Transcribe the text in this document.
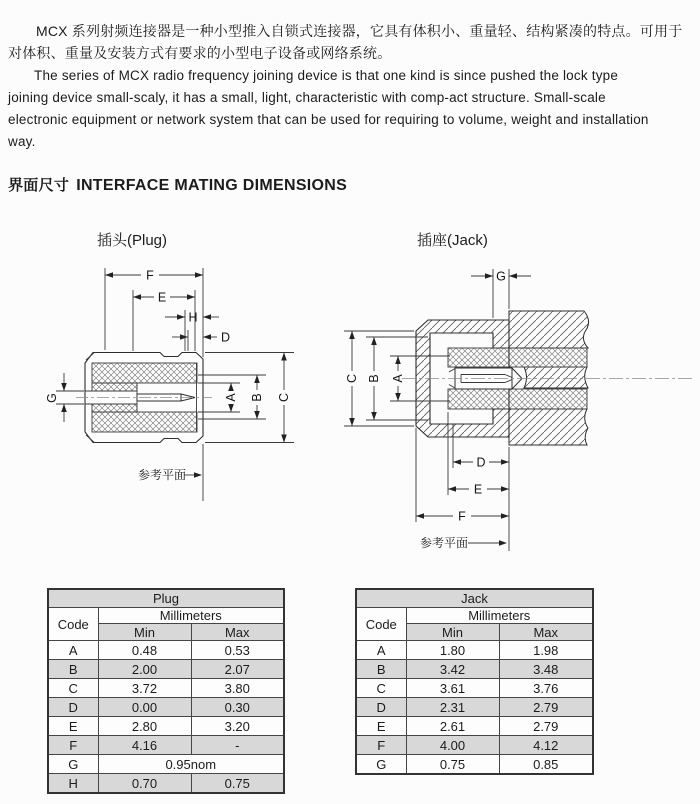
MCX 系列射频连接器是一种小型推入自锁式连接器，它具有体积小、重量轻、结构紧凑的特点。可用于对体积、重量及安装方式有要求的小型电子设备或网络系统。

The series of MCX radio frequency joining device is that one kind is since pushed the lock type joining device small-scaly, it has a small, light, characteristic with comp-act structure. Small-scale electronic equipment or network system that can be used for requiring to volume, weight and installation way.

界面尺寸 INTERFACE MATING DIMENSIONS
插头(Plug)	插座(Jack)
F
E
H
D
G	A B C
参考平面
G
C B A
D
E
F
参考平面
Plug		
Code	Millimeters	
	Min	Max
A	0.48	0.53
B	2.00	2.07
C	3.72	3.80
D	0.00	0.30
E	2.80	3.20
F	4.16	-
G	0.95nom	
H	0.70	0.75
Jack		
Code	Millimeters	
	Min	Max
A	1.80	1.98
B	3.42	3.48
C	3.61	3.76
D	2.31	2.79
E	2.61	2.79
F	4.00	4.12
G	0.75	0.85
